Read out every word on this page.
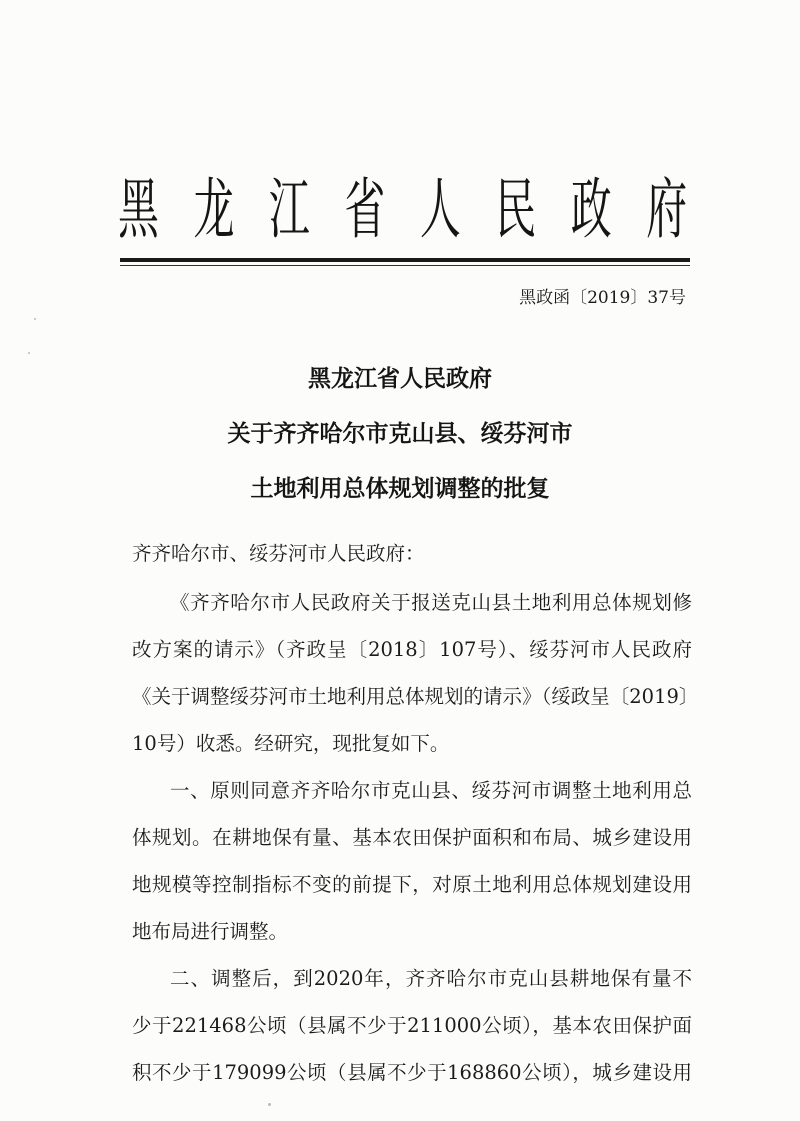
黑龙江省人民政府
黑政函〔2019〕37号
黑龙江省人民政府
关于齐齐哈尔市克山县、绥芬河市
土地利用总体规划调整的批复
齐齐哈尔市、绥芬河市人民政府：
《齐齐哈尔市人民政府关于报送克山县土地利用总体规划修
改方案的请示》（齐政呈〔2018〕107号）、绥芬河市人民政府
《关于调整绥芬河市土地利用总体规划的请示》（绥政呈〔2019〕
10号）收悉。经研究，现批复如下。
一、原则同意齐齐哈尔市克山县、绥芬河市调整土地利用总
体规划。在耕地保有量、基本农田保护面积和布局、城乡建设用
地规模等控制指标不变的前提下，对原土地利用总体规划建设用
地布局进行调整。
二、调整后，到2020年，齐齐哈尔市克山县耕地保有量不
少于221468公顷（县属不少于211000公顷），基本农田保护面
积不少于179099公顷（县属不少于168860公顷），城乡建设用
